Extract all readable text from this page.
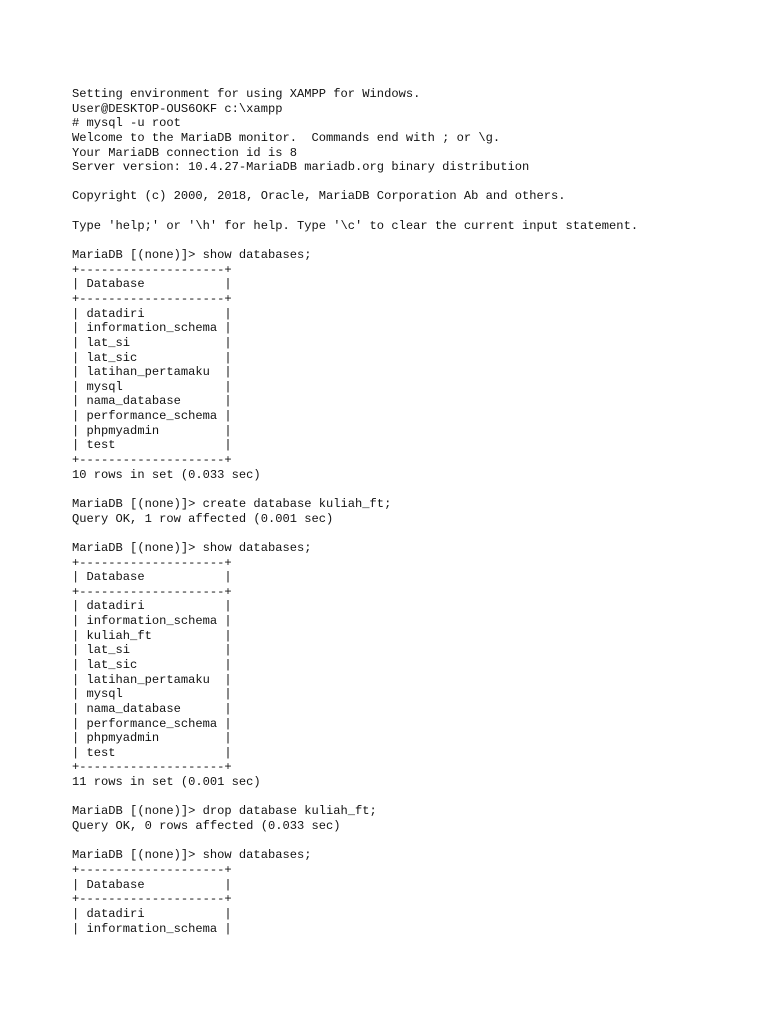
Setting environment for using XAMPP for Windows.
User@DESKTOP-OUS6OKF c:\xampp
# mysql -u root
Welcome to the MariaDB monitor.  Commands end with ; or \g.
Your MariaDB connection id is 8
Server version: 10.4.27-MariaDB mariadb.org binary distribution
Copyright (c) 2000, 2018, Oracle, MariaDB Corporation Ab and others.
Type 'help;' or '\h' for help. Type '\c' to clear the current input statement.
MariaDB [(none)]> show databases;
+--------------------+
| Database           |
+--------------------+
| datadiri           |
| information_schema |
| lat_si             |
| lat_sic            |
| latihan_pertamaku  |
| mysql              |
| nama_database      |
| performance_schema |
| phpmyadmin         |
| test               |
+--------------------+
10 rows in set (0.033 sec)
MariaDB [(none)]> create database kuliah_ft;
Query OK, 1 row affected (0.001 sec)
MariaDB [(none)]> show databases;
+--------------------+
| Database           |
+--------------------+
| datadiri           |
| information_schema |
| kuliah_ft          |
| lat_si             |
| lat_sic            |
| latihan_pertamaku  |
| mysql              |
| nama_database      |
| performance_schema |
| phpmyadmin         |
| test               |
+--------------------+
11 rows in set (0.001 sec)
MariaDB [(none)]> drop database kuliah_ft;
Query OK, 0 rows affected (0.033 sec)
MariaDB [(none)]> show databases;
+--------------------+
| Database           |
+--------------------+
| datadiri           |
| information_schema |
